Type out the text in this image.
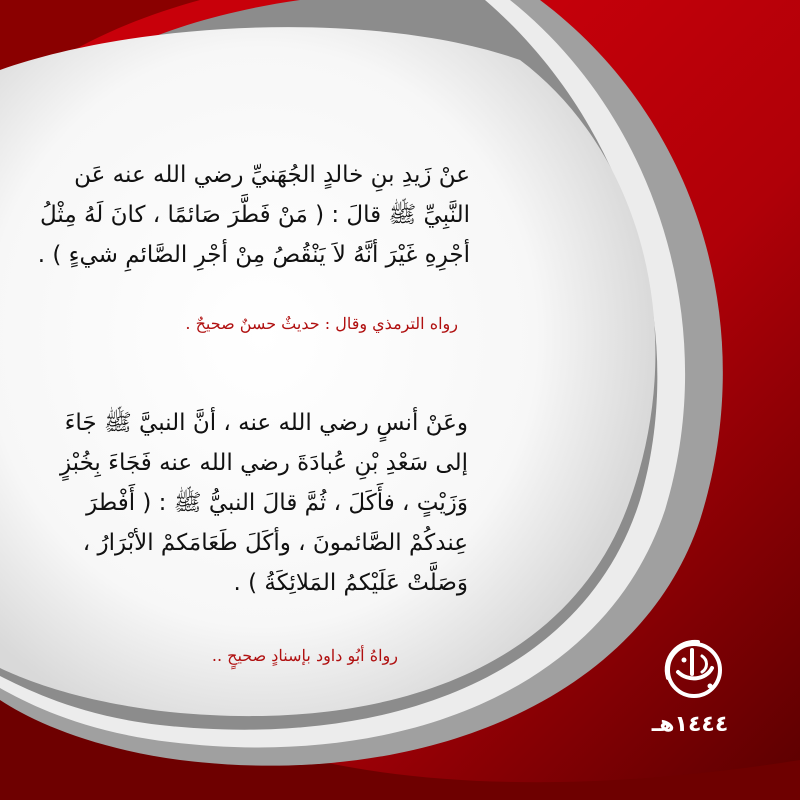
عنْ زَيدِ بنِ خالدٍ الجُهَنيِّ رضي الله عنه عَن
النَّبِيِّ ﷺ قالَ : ( مَنْ فَطَّرَ صَائمًا ، كانَ لَهُ مِثْلُ
أجْرِهِ غَيْرَ أنَّهُ لاَ يَنْقُصُ مِنْ أجْرِ الصَّائمِ شيءٍ ) .
رواه الترمذي وقال : حديثٌ حسنٌ صحيحٌ .
وعَنْ أنسٍ رضي الله عنه ، أنَّ النبيَّ ﷺ جَاءَ
إلى سَعْدِ بْنِ عُبادَةَ رضي الله عنه فَجَاءَ بِخُبْزٍ
وَزَيْتٍ ، فأَكَلَ ، ثُمَّ قالَ النبيُّ ﷺ : ( أَفْطرَ
عِندكُمْ الصَّائمونَ ، وأكَلَ طَعَامَكمْ الأبْرَارُ ،
وَصَلَّتْ عَلَيْكمُ المَلائِكَةُ ) .
رواهُ أبُو داود بإسنادٍ صحيحٍ ..
١٤٤٤هـ
